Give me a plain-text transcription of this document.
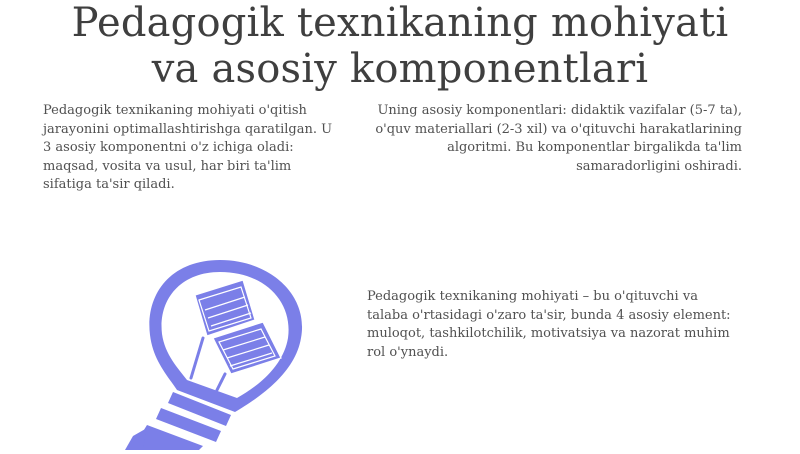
Pedagogik texnikaning mohiyati
va asosiy komponentlari

Pedagogik texnikaning mohiyati o'qitish jarayonini optimallashtirishga qaratilgan. U 3 asosiy komponentni o'z ichiga oladi: maqsad, vosita va usul, har biri ta'lim sifatiga ta'sir qiladi.

Uning asosiy komponentlari: didaktik vazifalar (5-7 ta), o'quv materiallari (2-3 xil) va o'qituvchi harakatlarining algoritmi. Bu komponentlar birgalikda ta'lim samaradorligini oshiradi.

Pedagogik texnikaning mohiyati – bu o'qituvchi va talaba o'rtasidagi o'zaro ta'sir, bunda 4 asosiy element: muloqot, tashkilotchilik, motivatsiya va nazorat muhim rol o'ynaydi.
